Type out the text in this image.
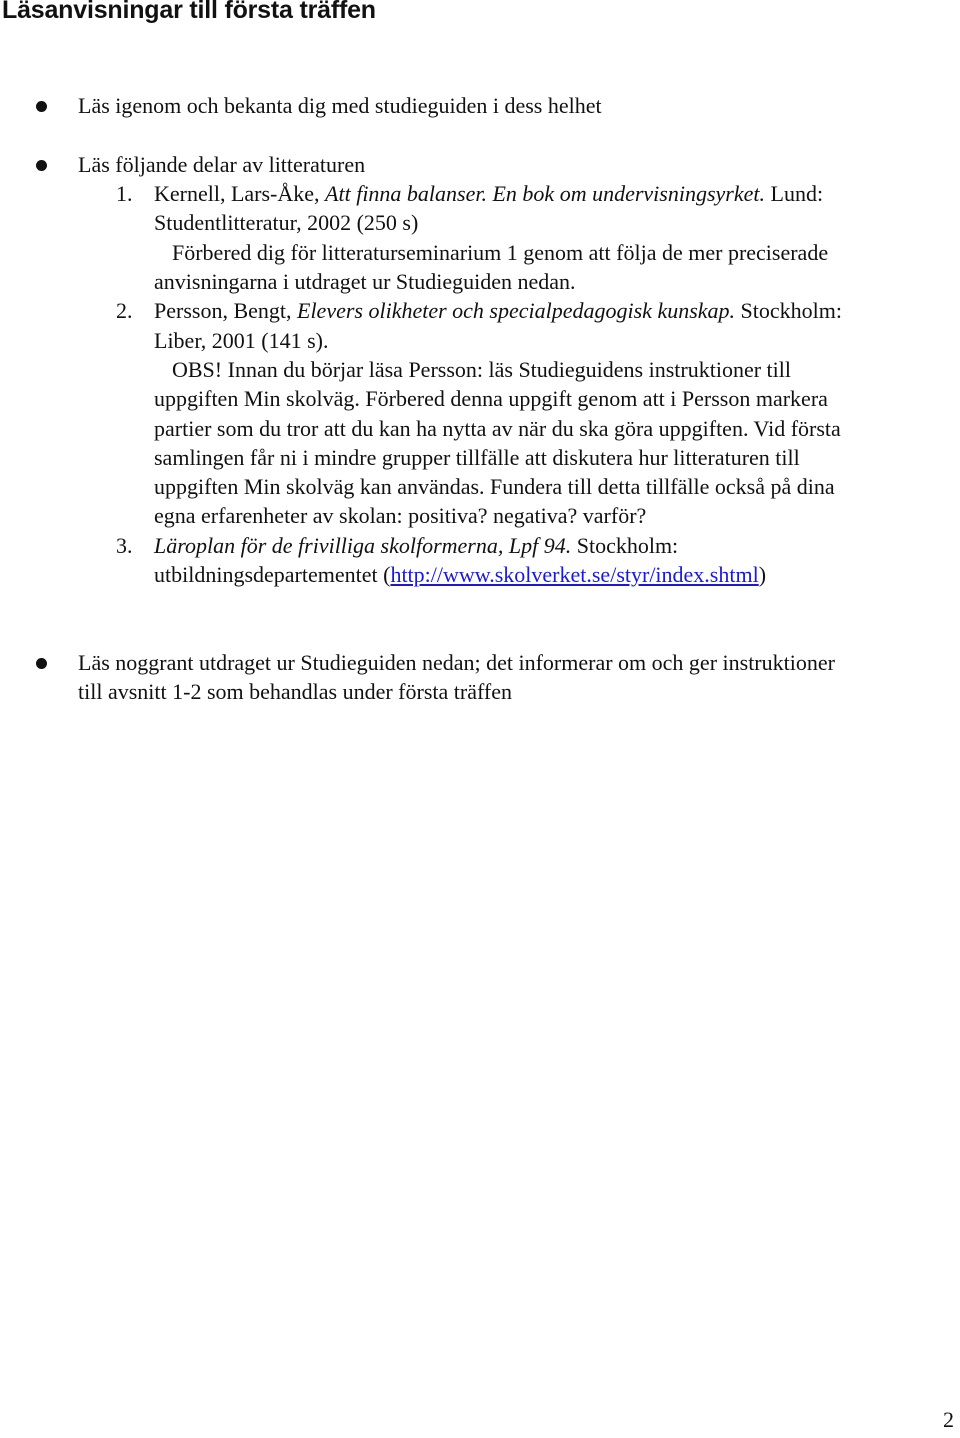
Läsanvisningar till första träffen
Läs igenom och bekanta dig med studieguiden i dess helhet
Läs följande delar av litteraturen
1. Kernell, Lars-Åke, Att finna balanser. En bok om undervisningsyrket. Lund:
Studentlitteratur, 2002 (250 s)
Förbered dig för litteraturseminarium 1 genom att följa de mer preciserade
anvisningarna i utdraget ur Studieguiden nedan.
2. Persson, Bengt, Elevers olikheter och specialpedagogisk kunskap. Stockholm:
Liber, 2001 (141 s).
OBS! Innan du börjar läsa Persson: läs Studieguidens instruktioner till
uppgiften Min skolväg. Förbered denna uppgift genom att i Persson markera
partier som du tror att du kan ha nytta av när du ska göra uppgiften. Vid första
samlingen får ni i mindre grupper tillfälle att diskutera hur litteraturen till
uppgiften Min skolväg kan användas. Fundera till detta tillfälle också på dina
egna erfarenheter av skolan: positiva? negativa? varför?
3. Läroplan för de frivilliga skolformerna, Lpf 94. Stockholm:
utbildningsdepartementet (http://www.skolverket.se/styr/index.shtml)
Läs noggrant utdraget ur Studieguiden nedan; det informerar om och ger instruktioner
till avsnitt 1-2 som behandlas under första träffen
2
